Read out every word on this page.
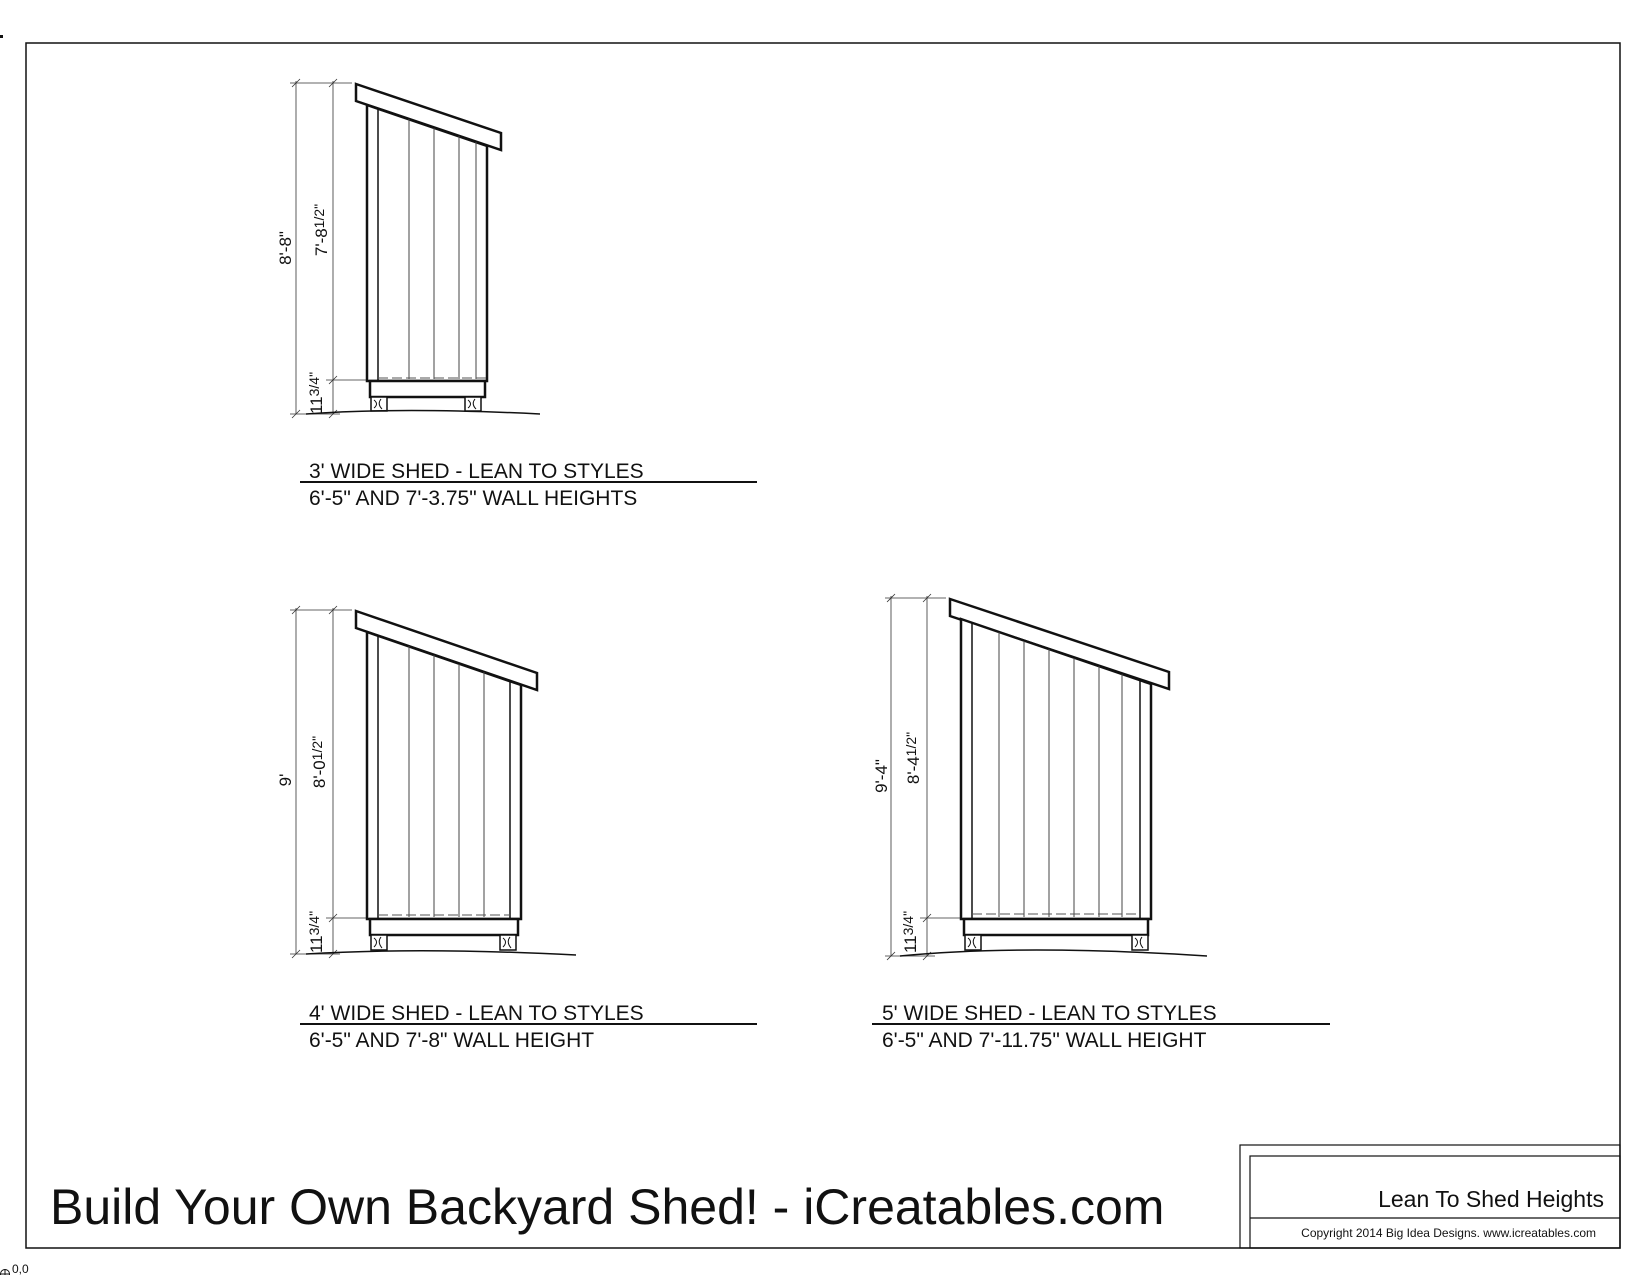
8'-8" 7'-81/2"
113/4"
3' WIDE SHED - LEAN TO STYLES
6'-5" AND 7'-3.75" WALL HEIGHTS
9' 8'-01/2"
113/4"
4' WIDE SHED - LEAN TO STYLES
6'-5" AND 7'-8" WALL HEIGHT
9'-4" 8'-41/2"
113/4"
5' WIDE SHED - LEAN TO STYLES
6'-5" AND 7'-11.75" WALL HEIGHT
Build Your Own Backyard Shed! - iCreatables.com	Lean To Shed Heights
Copyright 2014 Big Idea Designs. www.icreatables.com
0,0
